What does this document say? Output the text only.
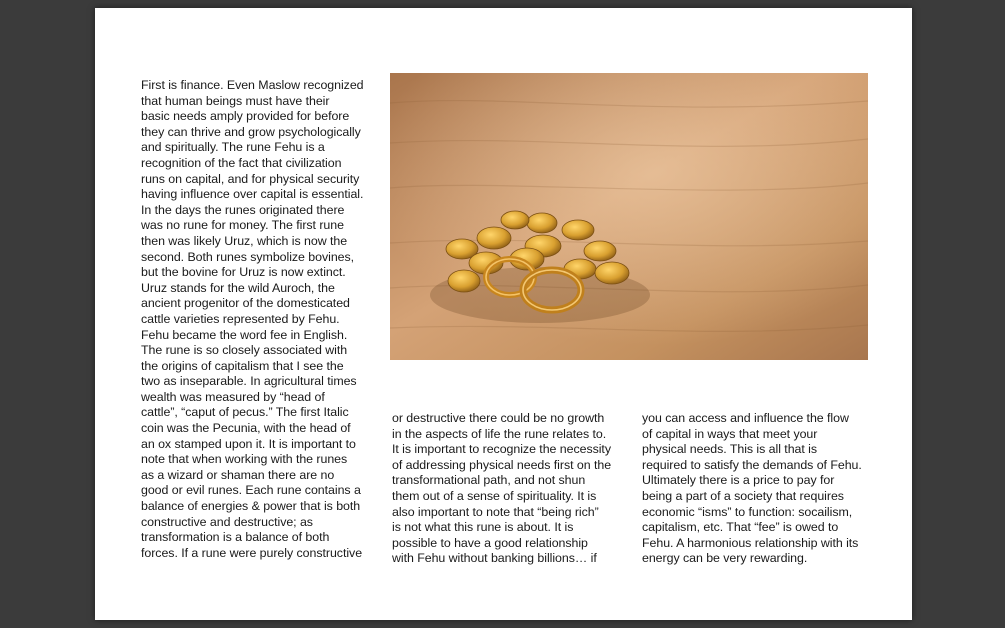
First is finance. Even Maslow recognized
that human beings must have their
basic needs amply provided for before
they can thrive and grow psychologically
and spiritually. The rune Fehu is a
recognition of the fact that civilization
runs on capital, and for physical security
having influence over capital is essential.
In the days the runes originated there
was no rune for money. The first rune
then was likely Uruz, which is now the
second. Both runes symbolize bovines,
but the bovine for Uruz is now extinct.
Uruz stands for the wild Auroch, the
ancient progenitor of the domesticated
cattle varieties represented by Fehu.
Fehu became the word fee in English.
The rune is so closely associated with
the origins of capitalism that I see the
two as inseparable. In agricultural times
wealth was measured by “head of
cattle”, “caput of pecus.” The first Italic
coin was the Pecunia, with the head of
an ox stamped upon it. It is important to
note that when working with the runes
as a wizard or shaman there are no
good or evil runes. Each rune contains a
balance of energies & power that is both
constructive and destructive; as
transformation is a balance of both
forces. If a rune were purely constructive
or destructive there could be no growth
in the aspects of life the rune relates to.
It is important to recognize the necessity
of addressing physical needs first on the
transformational path, and not shun
them out of a sense of spirituality. It is
also important to note that “being rich”
is not what this rune is about. It is
possible to have a good relationship
with Fehu without banking billions… if
you can access and influence the flow
of capital in ways that meet your
physical needs. This is all that is
required to satisfy the demands of Fehu.
Ultimately there is a price to pay for
being a part of a society that requires
economic “isms” to function: socailism,
capitalism, etc. That “fee” is owed to
Fehu. A harmonious relationship with its
energy can be very rewarding.
